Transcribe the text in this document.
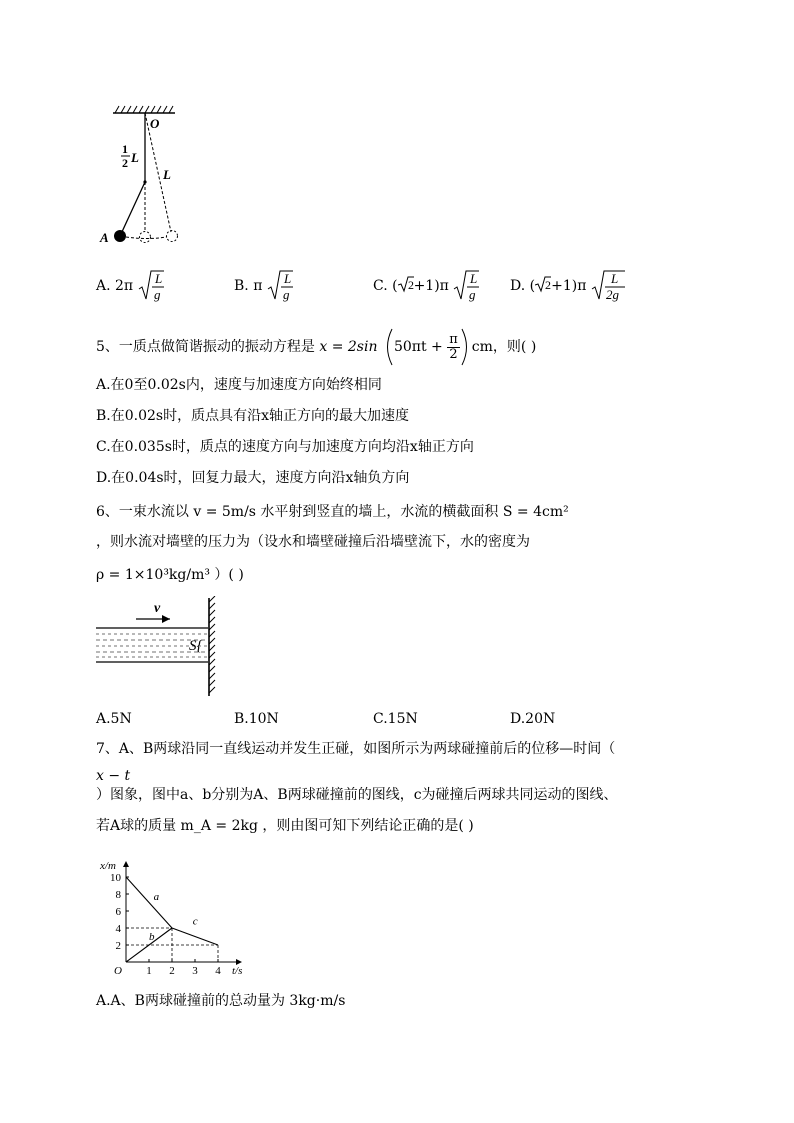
O
1
2 L
L
A
A. 2π L
g
B. π L
g
C. ( 2 +1)π L
g
D. ( 2 +1)π L
2g
5、一质点做简谐振动的振动方程是 x = 2sin $50\pi t + \frac{\pi}{2}$ cm，则( )
A.在0至0.02s内，速度与加速度方向始终相同
B.在0.02s时，质点具有沿x轴正方向的最大加速度
C.在0.035s时，质点的速度方向与加速度方向均沿x轴正方向
D.在0.04s时，回复力最大，速度方向沿x轴负方向
6、一束水流以 v = 5m/s 水平射到竖直的墙上，水流的横截面积 S = 4cm²
，则水流对墙壁的压力为（设水和墙壁碰撞后沿墙壁流下，水的密度为
ρ = 1×10³kg/m³ ）( )
v
S{
A.5N	B.10N	C.15N	D.20N
7、A、B两球沿同一直线运动并发生正碰，如图所示为两球碰撞前后的位移—时间（
x − t
）图象，图中a、b分别为A、B两球碰撞前的图线，c为碰撞后两球共同运动的图线、
若A球的质量 m_A = 2kg ，则由图可知下列结论正确的是( )
2
4
6
8
10
1 2 3 4
O	t/s
x/m
a
b
c
A.A、B两球碰撞前的总动量为 3kg·m/s
